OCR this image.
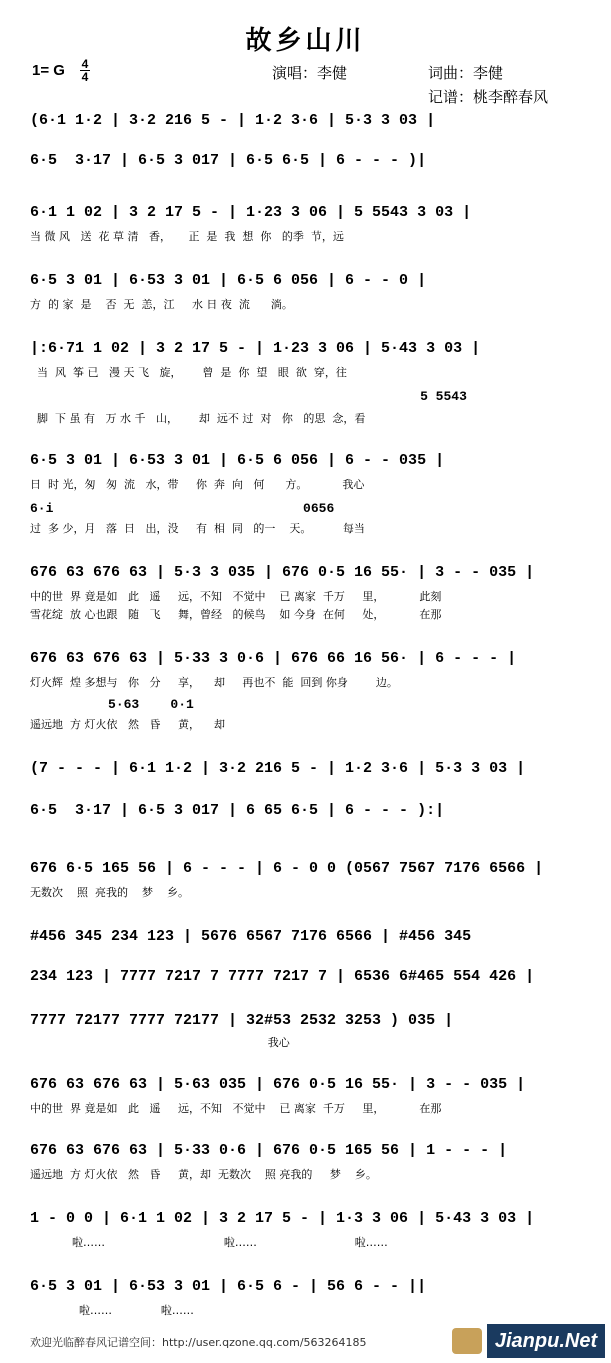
故乡山川
1= G 4
4	演唱：李健	词曲：李健
记谱：桃李醉春风
(6·1 1·2 | 3·2 216 5 - | 1·2 3·6 | 5·3 3 03 |
6·5  3·17 | 6·5 3 017 | 6·5 6·5 | 6 - - - )|
6·1 1 02 | 3 2 17 5 - | 1·23 3 06 | 5 5543 3 03 |
当 微 风   送  花 草 清   香，     正  是  我  想  你   的季  节，远
6·5 3 01 | 6·53 3 01 | 6·5 6 056 | 6 - - 0 |
方  的 家  是    否  无  恙，江     水 日 夜  流      淌。
|:6·71 1 02 | 3 2 17 5 - | 1·23 3 06 | 5·43 3 03 |
当  风  筝 已   漫 天 飞   旋，      曾  是  你  望   眼  欲  穿，往
5 5543
脚  下 虽 有   万 水 千   山，      却  远不 过  对   你   的思  念，看
6·5 3 01 | 6·53 3 01 | 6·5 6 056 | 6 - - 035 |
日  时 光，匆   匆  流   水，带     你  奔  向   何      方。          我心
6·i                                0656
过  多 少，月   落  日   出，没     有  相  同   的一    天。         每当
676 63 676 63 | 5·3 3 035 | 676 0·5 16 55· | 3 - - 035 |
中的世  界 竟是如   此   遥     远，不知   不觉中    已 离家  千万     里，          此刻
雪花绽  放 心也跟   随   飞     舞，曾经   的候鸟    如 今身  在何     处，          在那
676 63 676 63 | 5·33 3 0·6 | 676 66 16 56· | 6 - - - |
灯火辉  煌 多想与   你   分     享，    却     再也不  能  回到 你身        边。
5·63    0·1
遥远地  方 灯火依   然   昏     黄，    却
(7 - - - | 6·1 1·2 | 3·2 216 5 - | 1·2 3·6 | 5·3 3 03 |
6·5  3·17 | 6·5 3 017 | 6 65 6·5 | 6 - - - ):|
676 6·5 165 56 | 6 - - - | 6 - 0 0 (0567 7567 7176 6566 |
无数次    照  亮我的    梦    乡。
#456 345 234 123 | 5676 6567 7176 6566 | #456 345
234 123 | 7777 7217 7 7777 7217 7 | 6536 6#465 554 426 |
7777 72177 7777 72177 | 32#53 2532 3253 ) 035 |
我心
676 63 676 63 | 5·63 035 | 676 0·5 16 55· | 3 - - 035 |
中的世  界 竟是如   此   遥     远，不知   不觉中    已 离家  千万     里，          在那
676 63 676 63 | 5·33 0·6 | 676 0·5 165 56 | 1 - - - |
遥远地  方 灯火依   然   昏     黄，却  无数次    照 亮我的     梦    乡。
1 - 0 0 | 6·1 1 02 | 3 2 17 5 - | 1·3 3 06 | 5·43 3 03 |
啦……                                  啦……                            啦……
6·5 3 01 | 6·53 3 01 | 6·5 6 - | 56 6 - - ||
啦……              啦……
欢迎光临醉春风记谱空间：http://user.qzone.qq.com/563264185	Jianpu.Net
